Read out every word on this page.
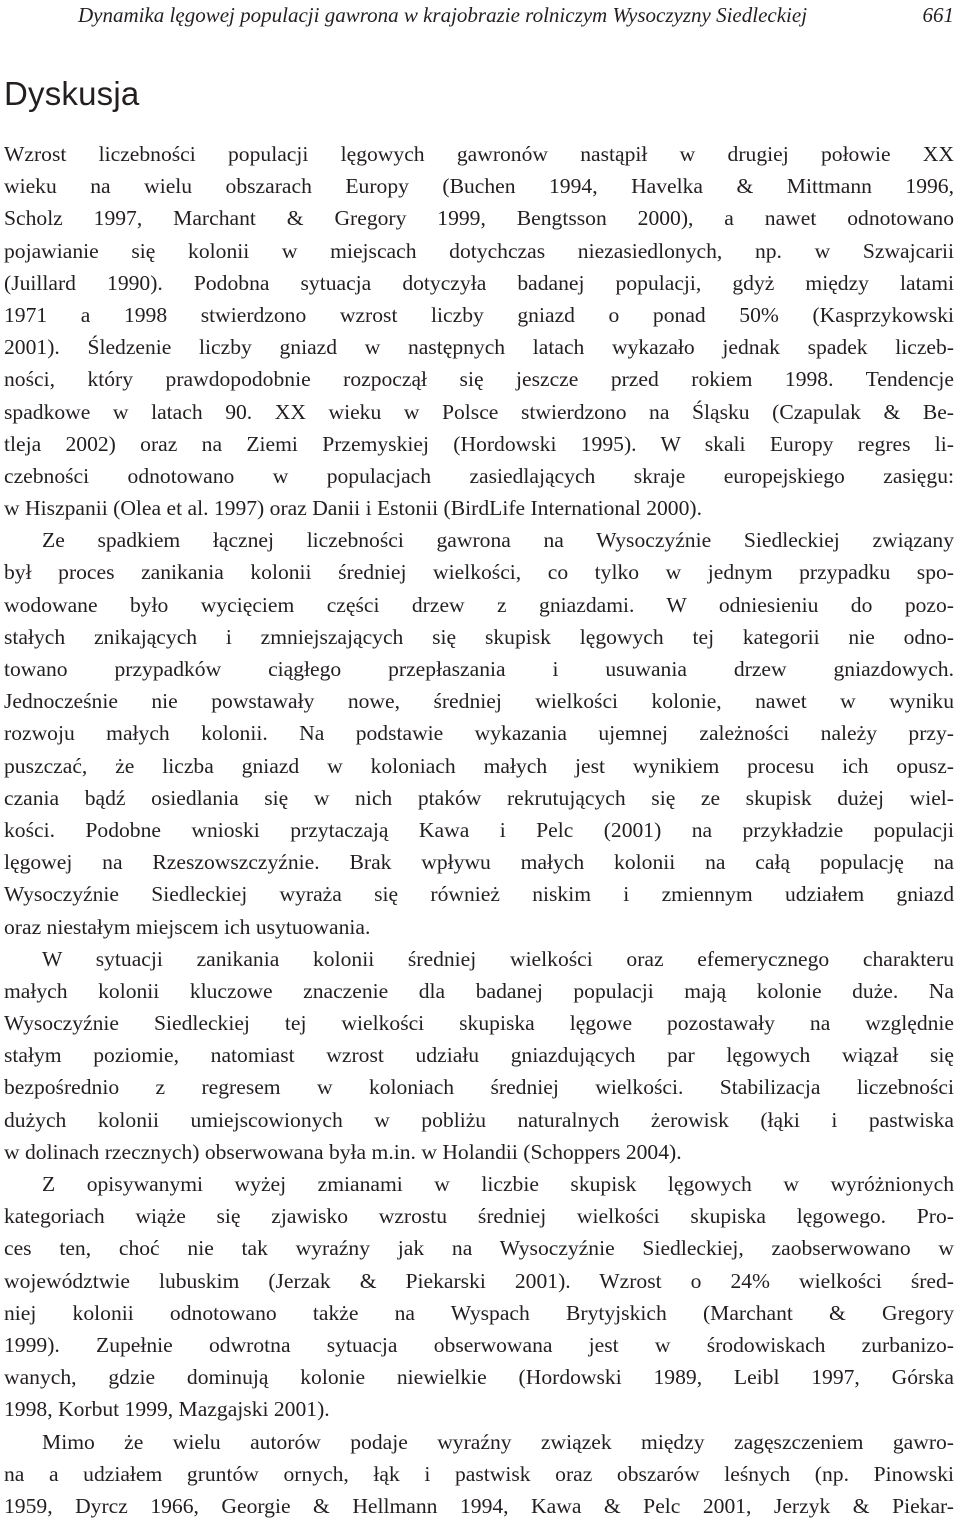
Dynamika lęgowej populacji gawrona w krajobrazie rolniczym Wysoczyzny Siedleckiej	661
Dyskusja
Wzrost liczebności populacji lęgowych gawronów nastąpił w drugiej połowie XX
wieku na wielu obszarach Europy (Buchen 1994, Havelka & Mittmann 1996,
Scholz 1997, Marchant & Gregory 1999, Bengtsson 2000), a nawet odnotowano
pojawianie się kolonii w miejscach dotychczas niezasiedlonych, np. w Szwajcarii
(Juillard 1990). Podobna sytuacja dotyczyła badanej populacji, gdyż między latami
1971 a 1998 stwierdzono wzrost liczby gniazd o ponad 50% (Kasprzykowski
2001). Śledzenie liczby gniazd w następnych latach wykazało jednak spadek liczeb-
ności, który prawdopodobnie rozpoczął się jeszcze przed rokiem 1998. Tendencje
spadkowe w latach 90. XX wieku w Polsce stwierdzono na Śląsku (Czapulak & Be-
tleja 2002) oraz na Ziemi Przemyskiej (Hordowski 1995). W skali Europy regres li-
czebności odnotowano w populacjach zasiedlających skraje europejskiego zasięgu:
w Hiszpanii (Olea et al. 1997) oraz Danii i Estonii (BirdLife International 2000).
Ze spadkiem łącznej liczebności gawrona na Wysoczyźnie Siedleckiej związany
był proces zanikania kolonii średniej wielkości, co tylko w jednym przypadku spo-
wodowane było wycięciem części drzew z gniazdami. W odniesieniu do pozo-
stałych znikających i zmniejszających się skupisk lęgowych tej kategorii nie odno-
towano przypadków ciągłego przepłaszania i usuwania drzew gniazdowych.
Jednocześnie nie powstawały nowe, średniej wielkości kolonie, nawet w wyniku
rozwoju małych kolonii. Na podstawie wykazania ujemnej zależności należy przy-
puszczać, że liczba gniazd w koloniach małych jest wynikiem procesu ich opusz-
czania bądź osiedlania się w nich ptaków rekrutujących się ze skupisk dużej wiel-
kości. Podobne wnioski przytaczają Kawa i Pelc (2001) na przykładzie populacji
lęgowej na Rzeszowszczyźnie. Brak wpływu małych kolonii na całą populację na
Wysoczyźnie Siedleckiej wyraża się również niskim i zmiennym udziałem gniazd
oraz niestałym miejscem ich usytuowania.
W sytuacji zanikania kolonii średniej wielkości oraz efemerycznego charakteru
małych kolonii kluczowe znaczenie dla badanej populacji mają kolonie duże. Na
Wysoczyźnie Siedleckiej tej wielkości skupiska lęgowe pozostawały na względnie
stałym poziomie, natomiast wzrost udziału gniazdujących par lęgowych wiązał się
bezpośrednio z regresem w koloniach średniej wielkości. Stabilizacja liczebności
dużych kolonii umiejscowionych w pobliżu naturalnych żerowisk (łąki i pastwiska
w dolinach rzecznych) obserwowana była m.in. w Holandii (Schoppers 2004).
Z opisywanymi wyżej zmianami w liczbie skupisk lęgowych w wyróżnionych
kategoriach wiąże się zjawisko wzrostu średniej wielkości skupiska lęgowego. Pro-
ces ten, choć nie tak wyraźny jak na Wysoczyźnie Siedleckiej, zaobserwowano w
województwie lubuskim (Jerzak & Piekarski 2001). Wzrost o 24% wielkości śred-
niej kolonii odnotowano także na Wyspach Brytyjskich (Marchant & Gregory
1999). Zupełnie odwrotna sytuacja obserwowana jest w środowiskach zurbanizo-
wanych, gdzie dominują kolonie niewielkie (Hordowski 1989, Leibl 1997, Górska
1998, Korbut 1999, Mazgajski 2001).
Mimo że wielu autorów podaje wyraźny związek między zagęszczeniem gawro-
na a udziałem gruntów ornych, łąk i pastwisk oraz obszarów leśnych (np. Pinowski
1959, Dyrcz 1966, Georgie & Hellmann 1994, Kawa & Pelc 2001, Jerzyk & Piekar-
